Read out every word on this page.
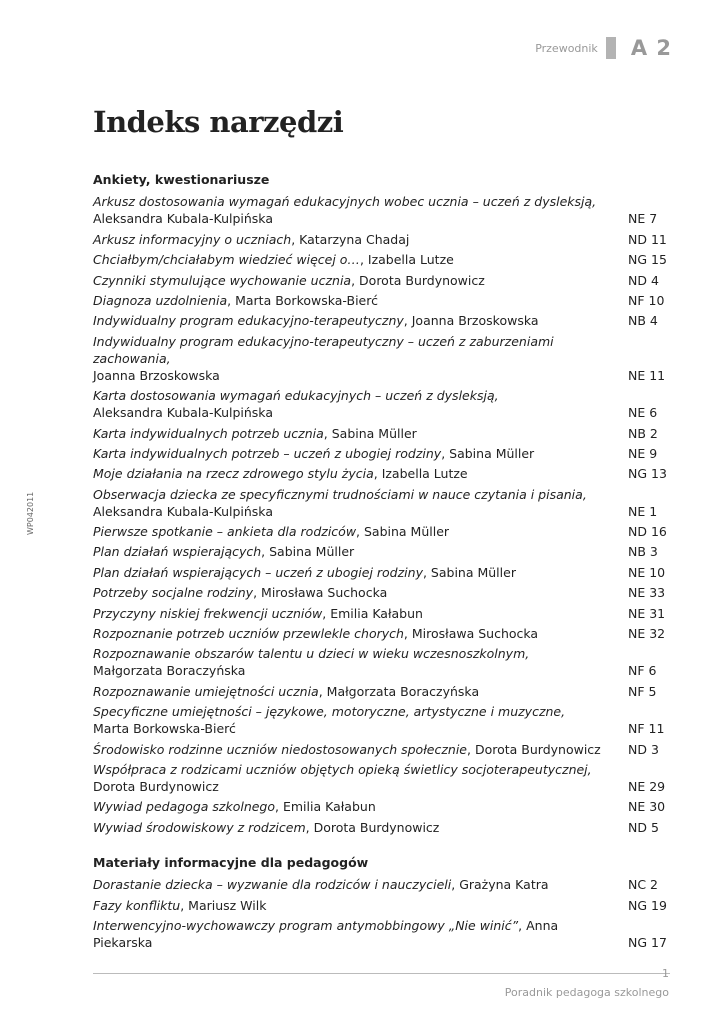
Przewodnik A 2
WP042011
Indeks narzędzi
Ankiety, kwestionariusze
Arkusz dostosowania wymagań edukacyjnych wobec ucznia – uczeń z dysleksją,
Aleksandra Kubala-Kulpińska	NE 7
Arkusz informacyjny o uczniach, Katarzyna Chadaj	ND 11
Chciałbym/chciałabym wiedzieć więcej o…, Izabella Lutze	NG 15
Czynniki stymulujące wychowanie ucznia, Dorota Burdynowicz	ND 4
Diagnoza uzdolnienia, Marta Borkowska-Bierć	NF 10
Indywidualny program edukacyjno-terapeutyczny, Joanna Brzoskowska	NB 4
Indywidualny program edukacyjno-terapeutyczny – uczeń z zaburzeniami zachowania,
Joanna Brzoskowska	NE 11
Karta dostosowania wymagań edukacyjnych – uczeń z dysleksją,
Aleksandra Kubala-Kulpińska	NE 6
Karta indywidualnych potrzeb ucznia, Sabina Müller	NB 2
Karta indywidualnych potrzeb – uczeń z ubogiej rodziny, Sabina Müller	NE 9
Moje działania na rzecz zdrowego stylu życia, Izabella Lutze	NG 13
Obserwacja dziecka ze specyficznymi trudnościami w nauce czytania i pisania,
Aleksandra Kubala-Kulpińska	NE 1
Pierwsze spotkanie – ankieta dla rodziców, Sabina Müller	ND 16
Plan działań wspierających, Sabina Müller	NB 3
Plan działań wspierających – uczeń z ubogiej rodziny, Sabina Müller	NE 10
Potrzeby socjalne rodziny, Mirosława Suchocka	NE 33
Przyczyny niskiej frekwencji uczniów, Emilia Kałabun	NE 31
Rozpoznanie potrzeb uczniów przewlekle chorych, Mirosława Suchocka	NE 32
Rozpoznawanie obszarów talentu u dzieci w wieku wczesnoszkolnym,
Małgorzata Boraczyńska	NF 6
Rozpoznawanie umiejętności ucznia, Małgorzata Boraczyńska	NF 5
Specyficzne umiejętności – językowe, motoryczne, artystyczne i muzyczne,
Marta Borkowska-Bierć	NF 11
Środowisko rodzinne uczniów niedostosowanych społecznie, Dorota Burdynowicz	ND 3
Współpraca z rodzicami uczniów objętych opieką świetlicy socjoterapeutycznej,
Dorota Burdynowicz	NE 29
Wywiad pedagoga szkolnego, Emilia Kałabun	NE 30
Wywiad środowiskowy z rodzicem, Dorota Burdynowicz	ND 5
Materiały informacyjne dla pedagogów
Dorastanie dziecka – wyzwanie dla rodziców i nauczycieli, Grażyna Katra	NC 2
Fazy konfliktu, Mariusz Wilk	NG 19
Interwencyjno-wychowawczy program antymobbingowy „Nie winić”, Anna Piekarska	NG 17
1
Poradnik pedagoga szkolnego
